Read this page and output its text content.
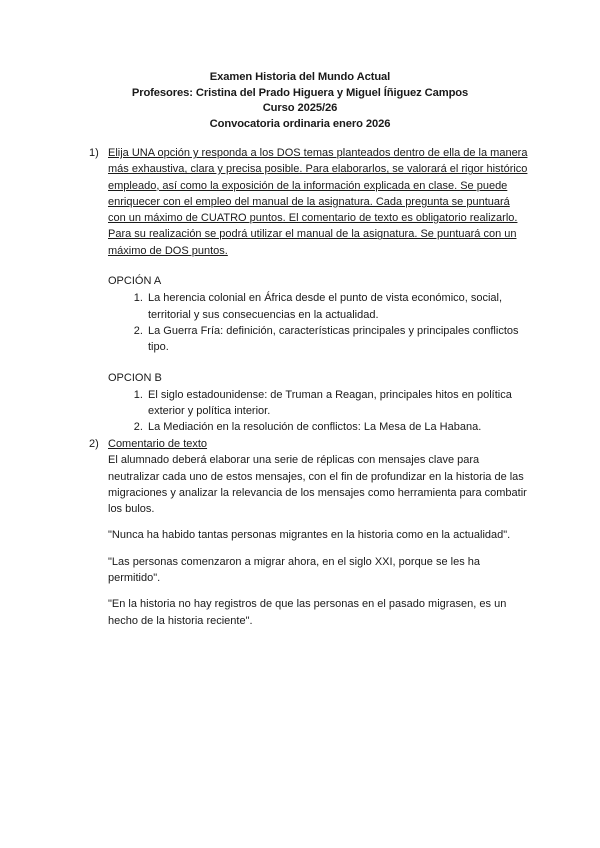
Examen Historia del Mundo Actual
Profesores: Cristina del Prado Higuera y Miguel Íñiguez Campos
Curso 2025/26
Convocatoria ordinaria enero 2026
1) Elija UNA opción y responda a los DOS temas planteados dentro de ella de la manera más exhaustiva, clara y precisa posible. Para elaborarlos, se valorará el rigor histórico empleado, así como la exposición de la información explicada en clase. Se puede enriquecer con el empleo del manual de la asignatura. Cada pregunta se puntuará con un máximo de CUATRO puntos. El comentario de texto es obligatorio realizarlo. Para su realización se podrá utilizar el manual de la asignatura. Se puntuará con un máximo de DOS puntos.
OPCIÓN A
1. La herencia colonial en África desde el punto de vista económico, social, territorial y sus consecuencias en la actualidad.
2. La Guerra Fría: definición, características principales y principales conflictos tipo.
OPCION B
1. El siglo estadounidense: de Truman a Reagan, principales hitos en política exterior y política interior.
2. La Mediación en la resolución de conflictos: La Mesa de La Habana.
2) Comentario de texto

El alumnado deberá elaborar una serie de réplicas con mensajes clave para neutralizar cada uno de estos mensajes, con el fin de profundizar en la historia de las migraciones y analizar la relevancia de los mensajes como herramienta para combatir los bulos.

"Nunca ha habido tantas personas migrantes en la historia como en la actualidad".
"Las personas comenzaron a migrar ahora, en el siglo XXI, porque se les ha permitido".
"En la historia no hay registros de que las personas en el pasado migrasen, es un hecho de la historia reciente".
